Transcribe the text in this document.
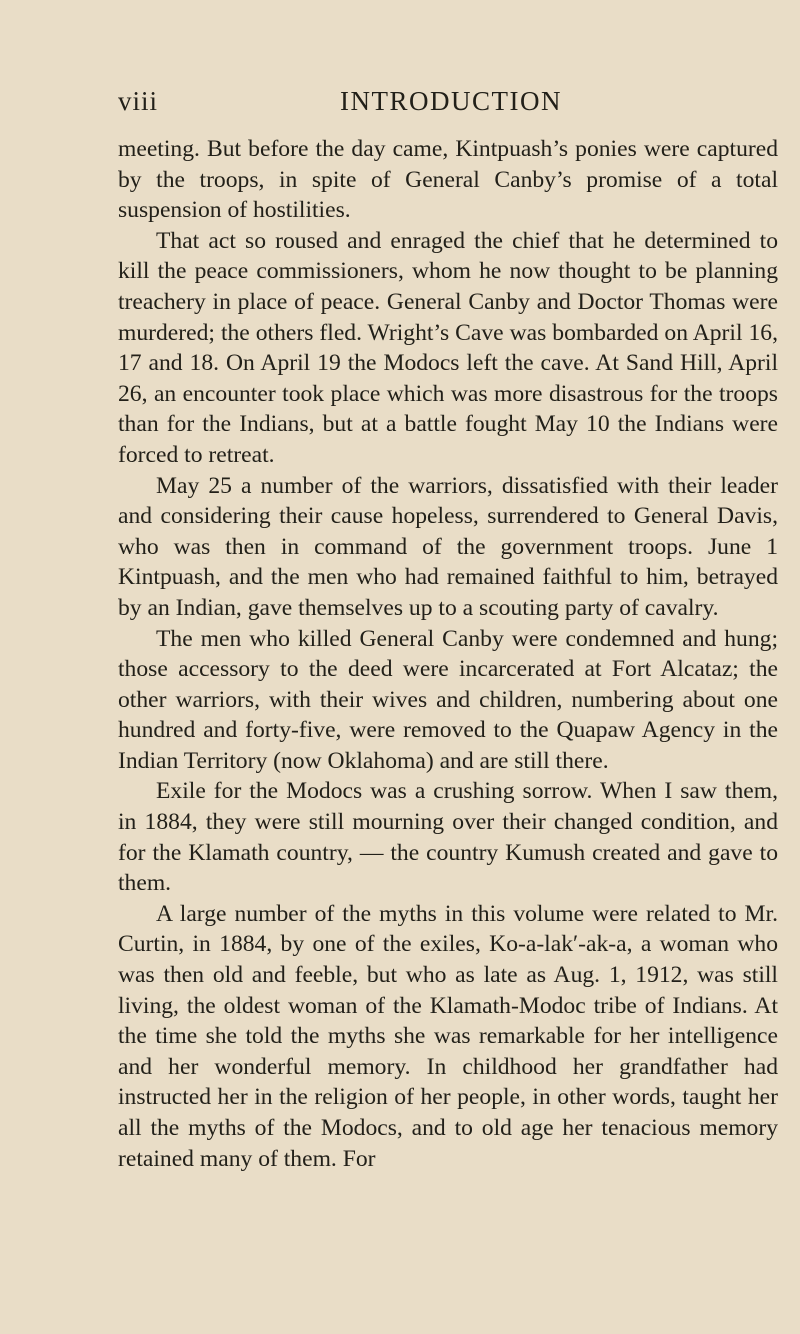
viii	INTRODUCTION

meeting. But before the day came, Kintpuash’s ponies were captured by the troops, in spite of General Canby’s promise of a total suspension of hostilities.

That act so roused and enraged the chief that he determined to kill the peace commissioners, whom he now thought to be planning treachery in place of peace. General Canby and Doctor Thomas were murdered; the others fled. Wright’s Cave was bombarded on April 16, 17 and 18. On April 19 the Modocs left the cave. At Sand Hill, April 26, an encounter took place which was more disastrous for the troops than for the Indians, but at a battle fought May 10 the Indians were forced to retreat.

May 25 a number of the warriors, dissatisfied with their leader and considering their cause hopeless, surrendered to General Davis, who was then in command of the government troops. June 1 Kintpuash, and the men who had remained faithful to him, betrayed by an Indian, gave themselves up to a scouting party of cavalry.

The men who killed General Canby were condemned and hung; those accessory to the deed were incarcerated at Fort Alcataz; the other warriors, with their wives and children, numbering about one hundred and forty-five, were removed to the Quapaw Agency in the Indian Territory (now Oklahoma) and are still there.

Exile for the Modocs was a crushing sorrow. When I saw them, in 1884, they were still mourning over their changed condition, and for the Klamath country, — the country Kumush created and gave to them.

A large number of the myths in this volume were related to Mr. Curtin, in 1884, by one of the exiles, Ko-a-lak′-ak-a, a woman who was then old and feeble, but who as late as Aug. 1, 1912, was still living, the oldest woman of the Klamath-Modoc tribe of Indians. At the time she told the myths she was remarkable for her intelligence and her wonderful memory. In childhood her grandfather had instructed her in the religion of her people, in other words, taught her all the myths of the Modocs, and to old age her tenacious memory retained many of them. For
